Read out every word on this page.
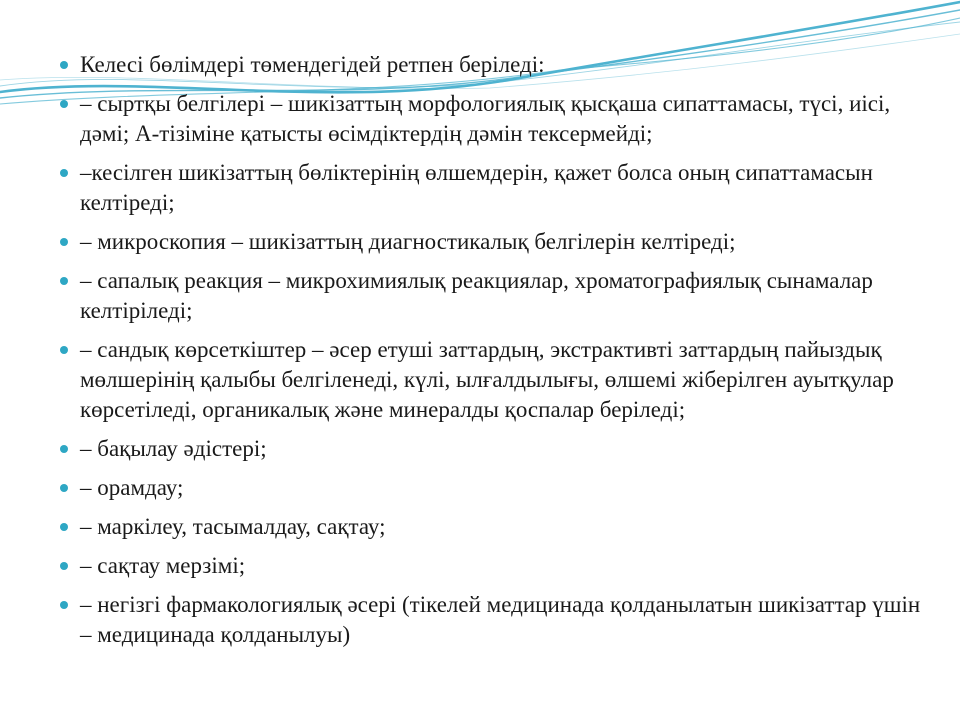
Келесі бөлімдері төмендегідей ретпен беріледі:
– сыртқы белгілері – шикізаттың морфологиялық қысқаша сипаттамасы, түсі, иісі, дәмі; А-тізіміне қатысты өсімдіктердің дәмін тексермейді;
–кесілген шикізаттың бөліктерінің өлшемдерін, қажет болса оның сипаттамасын келтіреді;
– микроскопия – шикізаттың диагностикалық белгілерін келтіреді;
– сапалық реакция – микрохимиялық реакциялар, хроматографиялық сынамалар келтіріледі;
– сандық көрсеткіштер – әсер етуші заттардың, экстрактивті заттардың пайыздық мөлшерінің қалыбы белгіленеді, күлі, ылғалдылығы, өлшемі жіберілген ауытқулар көрсетіледі, органикалық және минералды қоспалар беріледі;
– бақылау әдістері;
– орамдау;
– маркілеу, тасымалдау, сақтау;
– сақтау мерзімі;
– негізгі фармакологиялық әсері (тікелей медицинада қолданылатын шикізаттар үшін – медицинада қолданылуы)
